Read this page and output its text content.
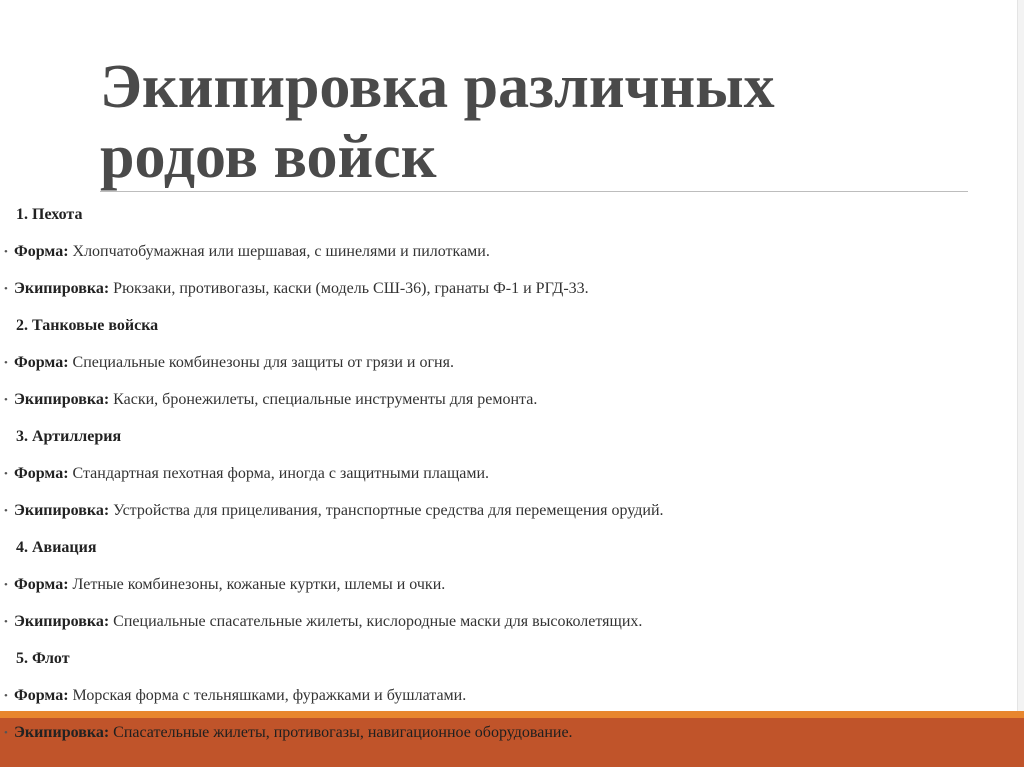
Экипировка различных
родов войск
1. Пехота
• Форма: Хлопчатобумажная или шершавая, с шинелями и пилотками.
• Экипировка: Рюкзаки, противогазы, каски (модель СШ-36), гранаты Ф-1 и РГД-33.
2. Танковые войска
• Форма: Специальные комбинезоны для защиты от грязи и огня.
• Экипировка: Каски, бронежилеты, специальные инструменты для ремонта.
3. Артиллерия
• Форма: Стандартная пехотная форма, иногда с защитными плащами.
• Экипировка: Устройства для прицеливания, транспортные средства для перемещения орудий.
4. Авиация
• Форма: Летные комбинезоны, кожаные куртки, шлемы и очки.
• Экипировка: Специальные спасательные жилеты, кислородные маски для высоколетящих.
5. Флот
• Форма: Морская форма с тельняшками, фуражками и бушлатами.
• Экипировка: Спасательные жилеты, противогазы, навигационное оборудование.
